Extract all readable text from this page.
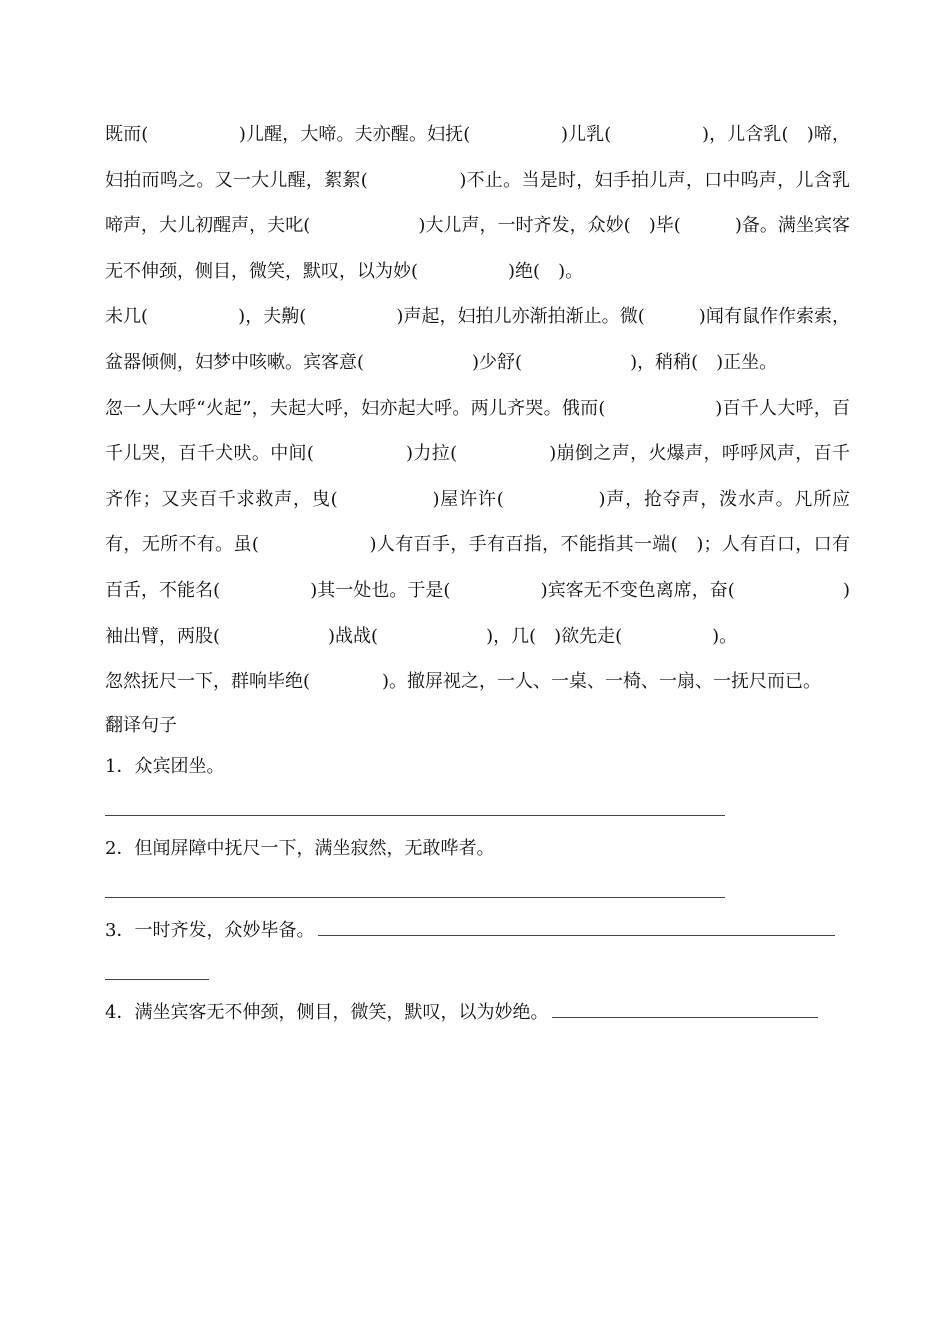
既而(　　　　　)儿醒，大啼。夫亦醒。妇抚(　　　　　)儿乳(　　　　　)，儿含乳(　)啼，妇拍而鸣之。又一大儿醒，絮絮(　　　　　)不止。当是时，妇手拍儿声，口中呜声，儿含乳啼声，大儿初醒声，夫叱(　　　　　　)大儿声，一时齐发，众妙(　)毕(　　　)备。满坐宾客无不伸颈，侧目，微笑，默叹，以为妙(　　　　　)绝(　)。

未几(　　　　　)，夫齁(　　　　　)声起，妇拍儿亦渐拍渐止。微(　　　)闻有鼠作作索索，盆器倾侧，妇梦中咳嗽。宾客意(　　　　　　)少舒(　　　　　　)，稍稍(　)正坐。

忽一人大呼“火起”，夫起大呼，妇亦起大呼。两儿齐哭。俄而(　　　　　　)百千人大呼，百千儿哭，百千犬吠。中间(　　　　　)力拉(　　　　　)崩倒之声，火爆声，呼呼风声，百千齐作；又夹百千求救声，曳(　　　　　)屋许许(　　　　　)声，抢夺声，泼水声。凡所应有，无所不有。虽(　　　　　　)人有百手，手有百指，不能指其一端(　)；人有百口，口有百舌，不能名(　　　　　)其一处也。于是(　　　　　)宾客无不变色离席，奋(　　　　　　)袖出臂，两股(　　　　　　)战战(　　　　　　)，几(　)欲先走(　　　　　)。

忽然抚尺一下，群响毕绝(　　　　)。撤屏视之，一人、一桌、一椅、一扇、一抚尺而已。

翻译句子

1．众宾团坐。

2．但闻屏障中抚尺一下，满坐寂然，无敢哗者。

3．一时齐发，众妙毕备。

4．满坐宾客无不伸颈，侧目，微笑，默叹，以为妙绝。
